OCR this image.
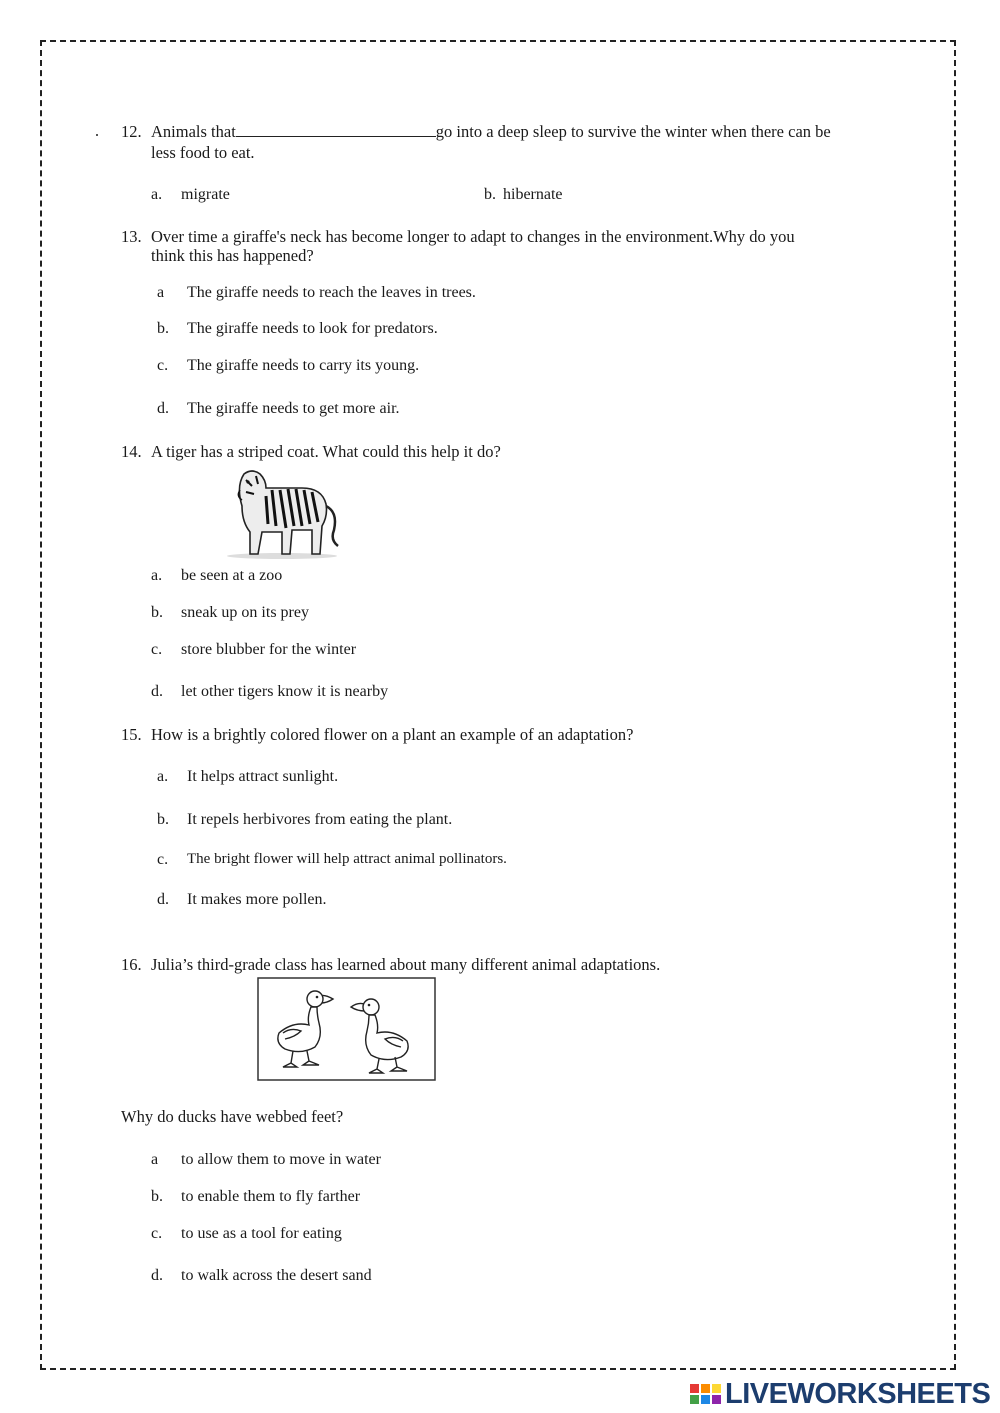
12. Animals that	go into a deep sleep to survive the winter when there can be
less food to eat.
a. migrate	b. hibernate
13. Over time a giraffe's neck has become longer to adapt to changes in the environment.Why do you
think this has happened?
a The giraffe needs to reach the leaves in trees.
b. The giraffe needs to look for predators.
c. The giraffe needs to carry its young.
d. The giraffe needs to get more air.
14. A tiger has a striped coat. What could this help it do?
a. be seen at a zoo
b. sneak up on its prey
c. store blubber for the winter
d. let other tigers know it is nearby
15. How is a brightly colored flower on a plant an example of an adaptation?
a. It helps attract sunlight.
b. It repels herbivores from eating the plant.
c. The bright flower will help attract animal pollinators.
d. It makes more pollen.
16. Julia’s third-grade class has learned about many different animal adaptations.
Why do ducks have webbed feet?
a to allow them to move in water
b. to enable them to fly farther
c. to use as a tool for eating
d. to walk across the desert sand
LIVEWORKSHEETS
